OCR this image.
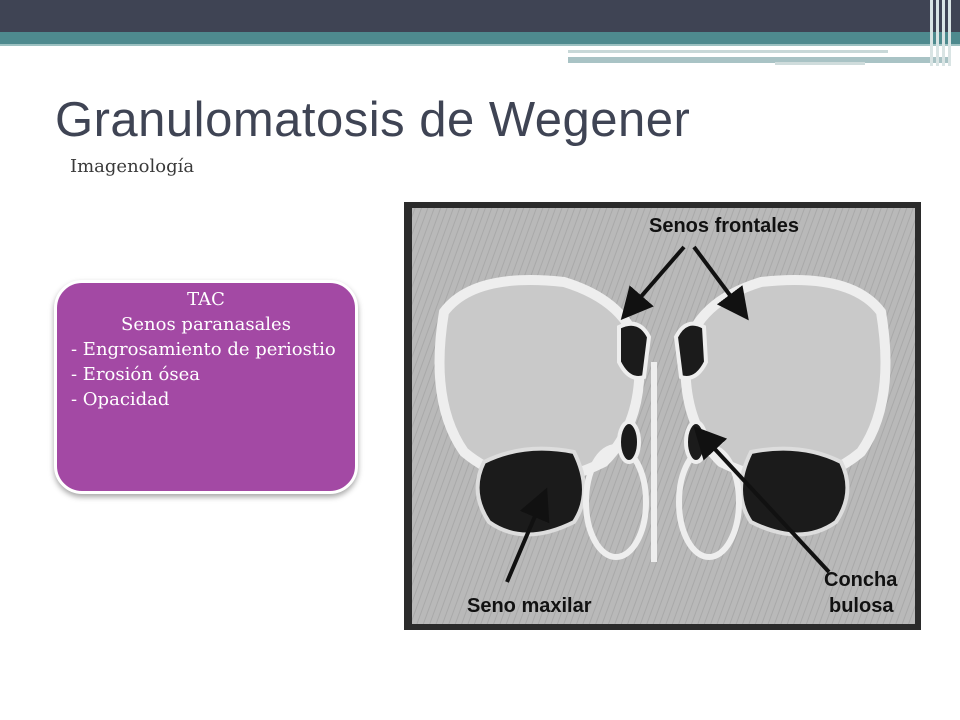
Granulomatosis de Wegener

Imagenología

TAC
Senos paranasales
- Engrosamiento de periostio
- Erosión ósea
- Opacidad
Senos frontales
Seno maxilar
Concha
bulosa
